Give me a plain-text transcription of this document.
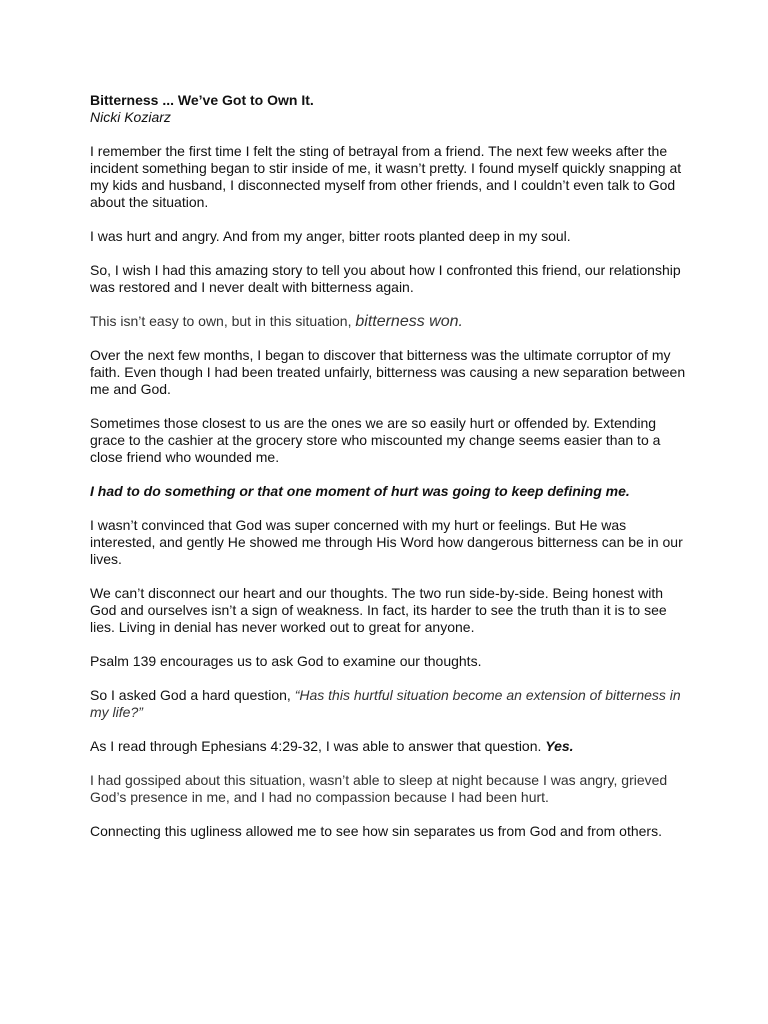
Bitterness ... We’ve Got to Own It.
Nicki Koziarz

I remember the first time I felt the sting of betrayal from a friend. The next few weeks after the incident something began to stir inside of me, it wasn’t pretty. I found myself quickly snapping at my kids and husband, I disconnected myself from other friends, and I couldn’t even talk to God about the situation.

I was hurt and angry. And from my anger, bitter roots planted deep in my soul.

So, I wish I had this amazing story to tell you about how I confronted this friend, our relationship was restored and I never dealt with bitterness again.

This isn’t easy to own, but in this situation, bitterness won.

Over the next few months, I began to discover that bitterness was the ultimate corruptor of my faith. Even though I had been treated unfairly, bitterness was causing a new separation between me and God.

Sometimes those closest to us are the ones we are so easily hurt or offended by. Extending grace to the cashier at the grocery store who miscounted my change seems easier than to a close friend who wounded me.

I had to do something or that one moment of hurt was going to keep defining me.

I wasn’t convinced that God was super concerned with my hurt or feelings. But He was interested, and gently He showed me through His Word how dangerous bitterness can be in our lives.

We can’t disconnect our heart and our thoughts. The two run side-by-side. Being honest with God and ourselves isn’t a sign of weakness. In fact, its harder to see the truth than it is to see lies. Living in denial has never worked out to great for anyone.

Psalm 139 encourages us to ask God to examine our thoughts.

So I asked God a hard question, “Has this hurtful situation become an extension of bitterness in my life?”

As I read through Ephesians 4:29-32, I was able to answer that question. Yes.

I had gossiped about this situation, wasn’t able to sleep at night because I was angry, grieved God’s presence in me, and I had no compassion because I had been hurt.

Connecting this ugliness allowed me to see how sin separates us from God and from others.
